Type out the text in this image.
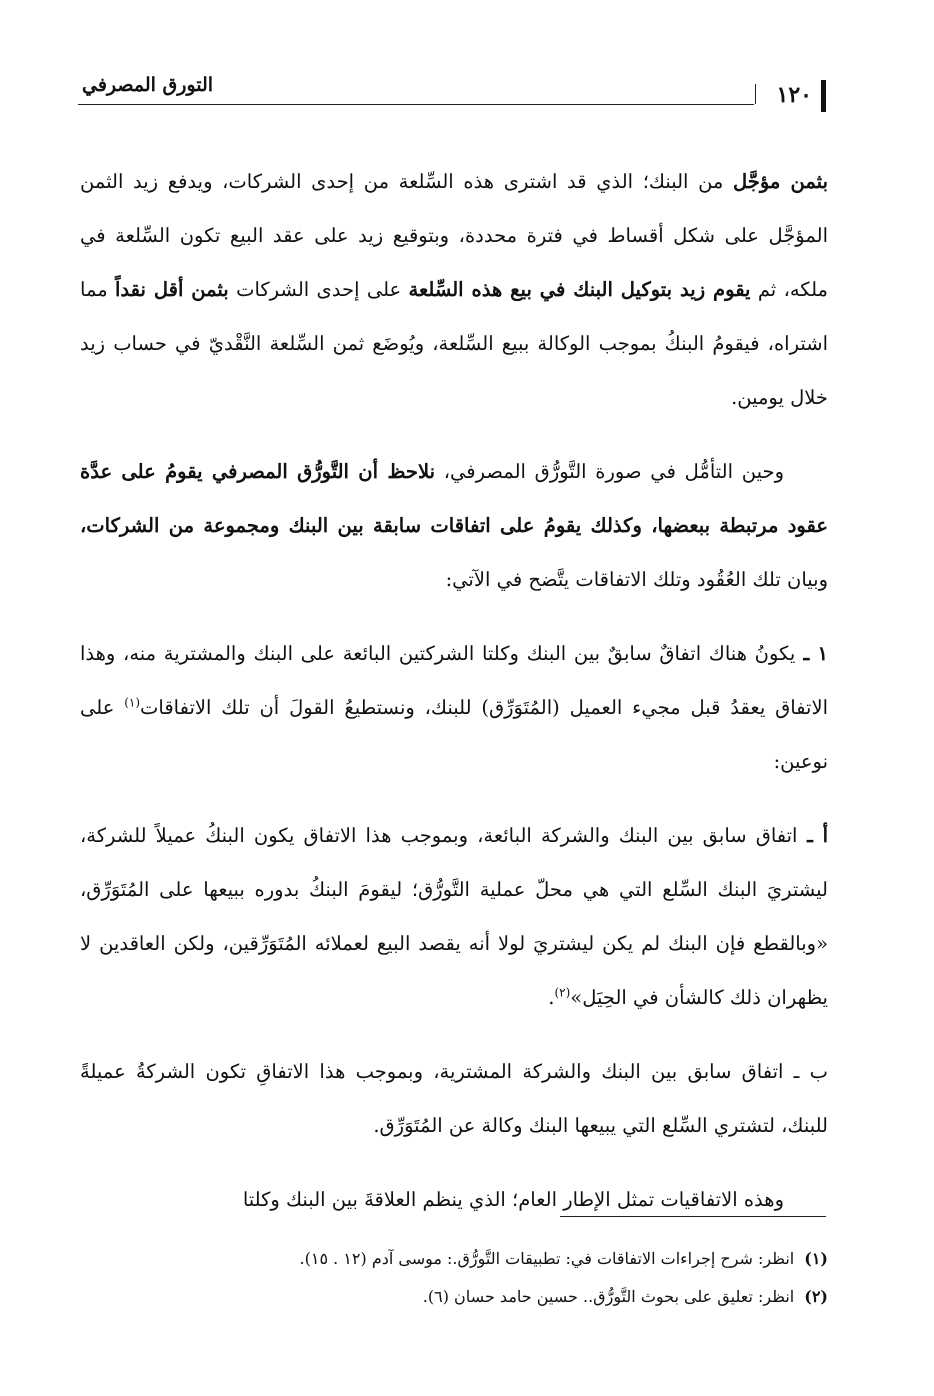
التورق المصرفي	١٢٠

بثمن مؤجَّل من البنك؛ الذي قد اشترى هذه السِّلعة من إحدى الشركات، ويدفع زيد الثمن المؤجَّل على شكل أقساط في فترة محددة، وبتوقيع زيد على عقد البيع تكون السِّلعة في ملكه، ثم يقوم زيد بتوكيل البنك في بيع هذه السِّلعة على إحدى الشركات بثمن أقل نقداً مما اشتراه، فيقومُ البنكُ بموجب الوكالة ببيع السِّلعة، ويُوضَع ثمن السِّلعة النَّقْديّ في حساب زيد خلال يومين.

وحين التأمُّل في صورة التَّورُّق المصرفي، نلاحظ أن التَّورُّق المصرفي يقومُ على عدَّة عقود مرتبطة ببعضها، وكذلك يقومُ على اتفاقات سابقة بين البنك ومجموعة من الشركات، وبيان تلك العُقُود وتلك الاتفاقات يتَّضح في الآتي:

١ ـ يكونُ هناك اتفاقٌ سابقٌ بين البنك وكلتا الشركتين البائعة على البنك والمشترية منه، وهذا الاتفاق يعقدُ قبل مجيء العميل (المُتَوَرِّق) للبنك، ونستطيعُ القولَ أن تلك الاتفاقات$^{(١)}$ على نوعين:

أ ـ اتفاق سابق بين البنك والشركة البائعة، وبموجب هذا الاتفاق يكون البنكُ عميلاً للشركة، ليشتريَ البنك السِّلع التي هي محلّ عملية التَّورُّق؛ ليقومَ البنكُ بدوره ببيعها على المُتَوَرِّق، «وبالقطع فإن البنك لم يكن ليشتريَ لولا أنه يقصد البيع لعملائه المُتَوَرِّقين، ولكن العاقدين لا يظهران ذلك كالشأن في الحِيَل»$^{(٢)}$.

ب ـ اتفاق سابق بين البنك والشركة المشترية، وبموجب هذا الاتفاقِ تكون الشركةُ عميلةً للبنك، لتشتري السِّلع التي يبيعها البنك وكالة عن المُتَوَرِّق.

وهذه الاتفاقيات تمثل الإطار العام؛ الذي ينظم العلاقةَ بين البنك وكلتا

(١)انظر: شرح إجراءات الاتفاقات في: تطبيقات التَّورُّق.: موسى آدم (١٢ . ١٥).
(٢)انظر: تعليق على بحوث التَّورُّق.. حسين حامد حسان (٦).
